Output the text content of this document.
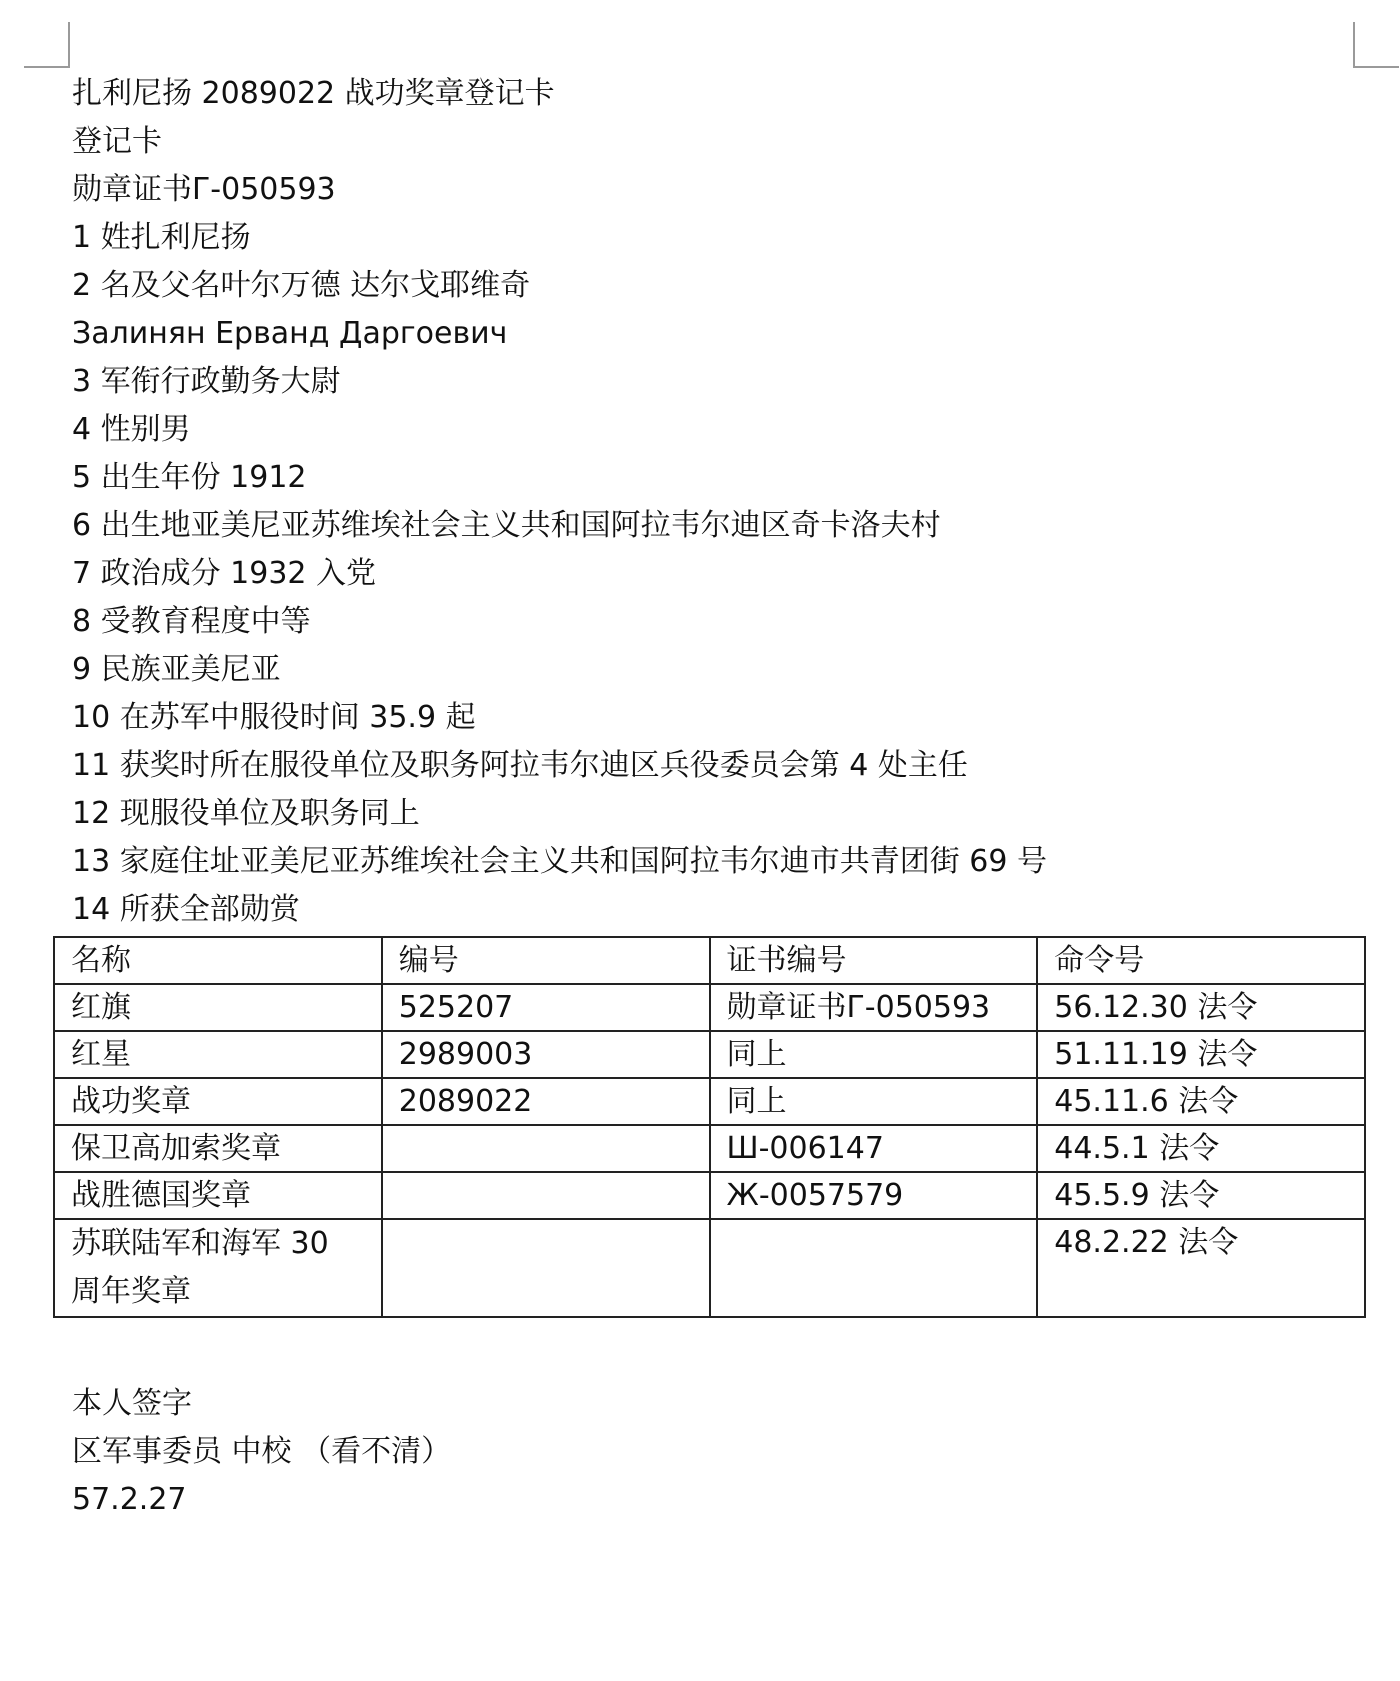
扎利尼扬 2089022 战功奖章登记卡
登记卡
勋章证书Г-050593
1 姓扎利尼扬
2 名及父名叶尔万德 达尔戈耶维奇
Залинян Ерванд Даргоевич
3 军衔行政勤务大尉
4 性别男
5 出生年份 1912
6 出生地亚美尼亚苏维埃社会主义共和国阿拉韦尔迪区奇卡洛夫村
7 政治成分 1932 入党
8 受教育程度中等
9 民族亚美尼亚
10 在苏军中服役时间 35.9 起
11 获奖时所在服役单位及职务阿拉韦尔迪区兵役委员会第 4 处主任
12 现服役单位及职务同上
13 家庭住址亚美尼亚苏维埃社会主义共和国阿拉韦尔迪市共青团街 69 号
14 所获全部勋赏
名称	编号	证书编号	命令号
红旗	525207	勋章证书Г-050593	56.12.30 法令
红星	2989003	同上	51.11.19 法令
战功奖章	2089022	同上	45.11.6 法令
保卫高加索奖章		Ш-006147	44.5.1 法令
战胜德国奖章		Ж-0057579	45.5.9 法令
苏联陆军和海军 30 周年奖章			48.2.22 法令
本人签字
区军事委员 中校 （看不清）
57.2.27
